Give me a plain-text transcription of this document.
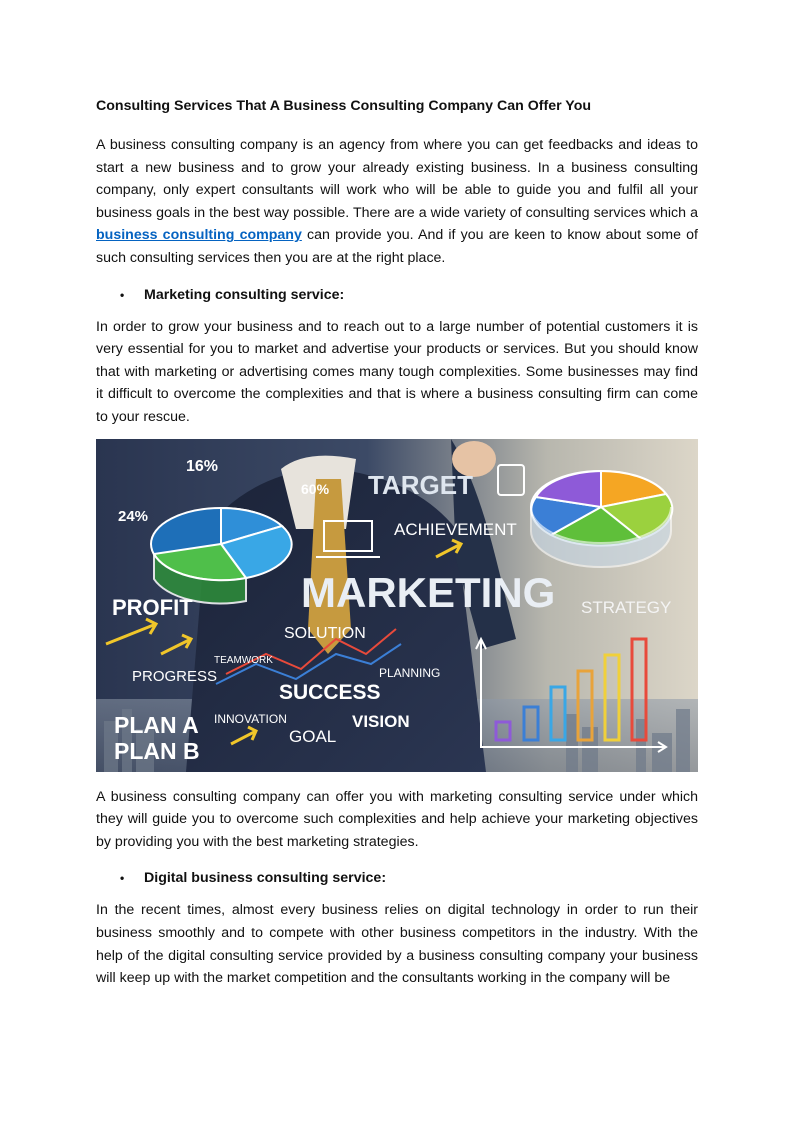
Consulting Services That A Business Consulting Company Can Offer You

A business consulting company is an agency from where you can get feedbacks and ideas to start a new business and to grow your already existing business. In a business consulting company, only expert consultants will work who will be able to guide you and fulfil all your business goals in the best way possible. There are a wide variety of consulting services which a business consulting company can provide you. And if you are keen to know about some of such consulting services then you are at the right place.

•	Marketing consulting service:

In order to grow your business and to reach out to a large number of potential customers it is very essential for you to market and advertise your products or services. But you should know that with marketing or advertising comes many tough complexities. Some businesses may find it difficult to overcome the complexities and that is where a business consulting firm can come to your rescue.

16%
24%
60% TARGET
ACHIEVEMENT
MARKETING STRATEGY
PROFIT
SOLUTION
TEAMWORK
PLANNING
PROGRESS
SUCCESS
PLAN A
PLAN B
INNOVATION	VISION
GOAL

A business consulting company can offer you with marketing consulting service under which they will guide you to overcome such complexities and help achieve your marketing objectives by providing you with the best marketing strategies.

•	Digital business consulting service:

In the recent times, almost every business relies on digital technology in order to run their business smoothly and to compete with other business competitors in the industry. With the help of the digital consulting service provided by a business consulting company your business will keep up with the market competition and the consultants working in the company will be
